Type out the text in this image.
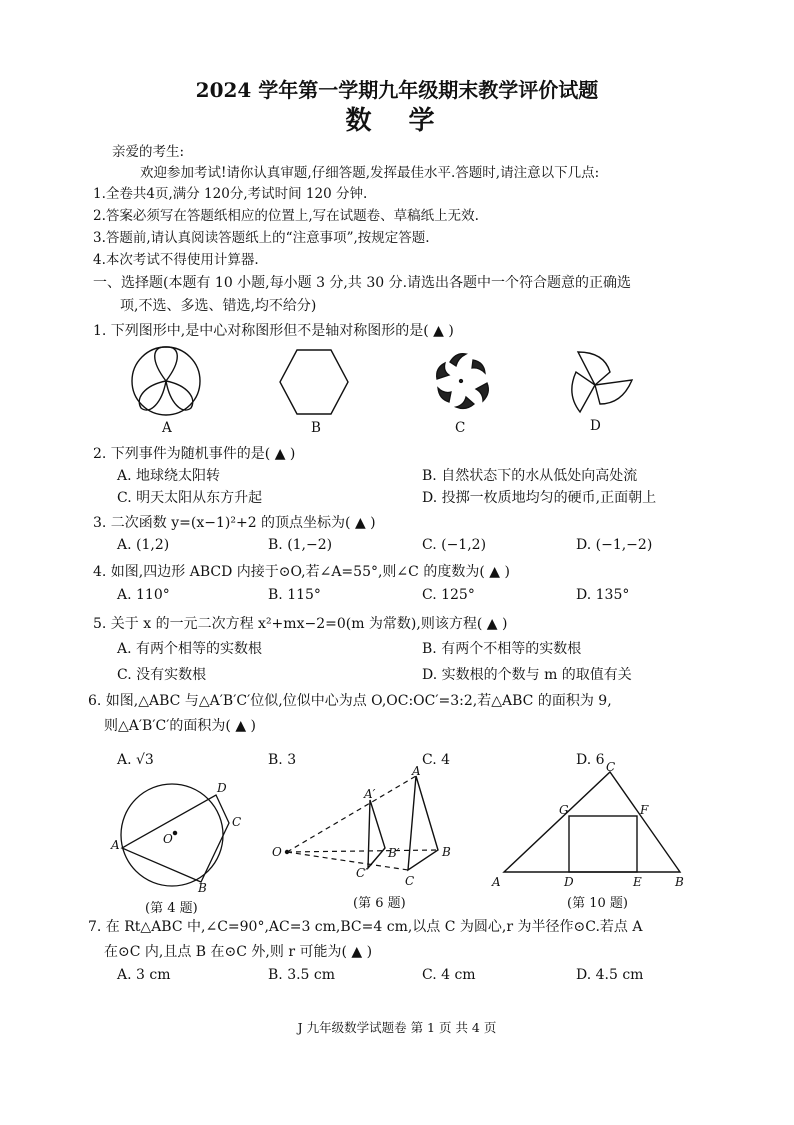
2024 学年第一学期九年级期末教学评价试题
数 学
亲爱的考生:
欢迎参加考试!请你认真审题,仔细答题,发挥最佳水平.答题时,请注意以下几点:
1.全卷共4页,满分 120分,考试时间 120 分钟.
2.答案必须写在答题纸相应的位置上,写在试题卷、草稿纸上无效.
3.答题前,请认真阅读答题纸上的“注意事项”,按规定答题.
4.本次考试不得使用计算器.
一、选择题(本题有 10 小题,每小题 3 分,共 30 分.请选出各题中一个符合题意的正确选
项,不选、多选、错选,均不给分)
1. 下列图形中,是中心对称图形但不是轴对称图形的是( ▲ )
A	B	C	D
2. 下列事件为随机事件的是( ▲ )
A. 地球绕太阳转	B. 自然状态下的水从低处向高处流
C. 明天太阳从东方升起	D. 投掷一枚质地均匀的硬币,正面朝上
3. 二次函数 y=(x−1)²+2 的顶点坐标为( ▲ )
A. (1,2)	B. (1,−2)	C. (−1,2)	D. (−1,−2)
4. 如图,四边形 ABCD 内接于⊙O,若∠A=55°,则∠C 的度数为( ▲ )
A. 110°	B. 115°	C. 125°	D. 135°
5. 关于 x 的一元二次方程 x²+mx−2=0(m 为常数),则该方程( ▲ )
A. 有两个相等的实数根	B. 有两个不相等的实数根
C. 没有实数根	D. 实数根的个数与 m 的取值有关
6. 如图,△ABC 与△A′B′C′位似,位似中心为点 O,OC:OC′=3:2,若△ABC 的面积为 9,
则△A′B′C′的面积为( ▲ )
A. √3	B. 3	C. 4	D. 6
D
C
A	O
B
(第 4 题)
O
A
B
C
A′
B′
C′
(第 6 题)
C
G	F
A	D	E	B
(第 10 题)
7. 在 Rt△ABC 中,∠C=90°,AC=3 cm,BC=4 cm,以点 C 为圆心,r 为半径作⊙C.若点 A
在⊙C 内,且点 B 在⊙C 外,则 r 可能为( ▲ )
A. 3 cm	B. 3.5 cm	C. 4 cm	D. 4.5 cm
J 九年级数学试题卷 第 1 页 共 4 页
